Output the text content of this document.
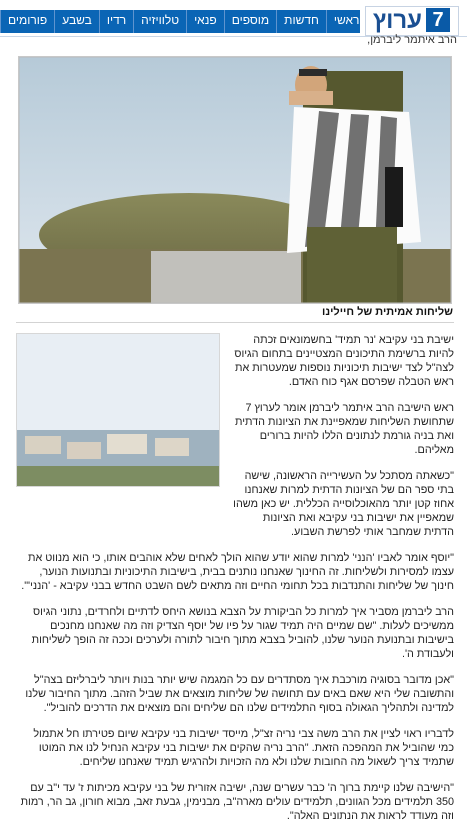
7
ערוץ
ראשי
חדשות
מוספים
פנאי
טלוויזיה
רדיו
בשבע
פורומים
הרב איתמר ליברמן,
שליחות אמיתית של חיילינו

ישיבת בני עקיבא 'נר תמיד' בחשמונאים זכתה להיות ברשימת התיכונים המצטיינים בתחום הגיוס לצה"ל לצד ישיבות תיכוניות נוספות שמעטרות את ראש הטבלה שפרסם אגף כוח האדם.

ראש הישיבה הרב איתמר ליברמן אומר לערוץ 7 שתחושת השליחות שמאפיינת את הציונות הדתית ואת בניה גורמת לנתונים הללו להיות ברורים מאליהם.

"כשאתה מסתכל על העשירייה הראשונה, שישה בתי ספר הם של הציונות הדתית למרות שאנחנו אחוז קטן יותר מהאוכלוסייה הכללית. יש כאן משהו שמאפיין את ישיבות בני עקיבא ואת הציונות הדתית שמחבר אותי לפרשת השבוע.

"יוסף אומר לאביו 'הנני' למרות שהוא יודע שהוא הולך לאחים שלא אוהבים אותו, כי הוא מנווט את עצמו למסירות ולשליחות. זה החינוך שאנחנו נותנים בבית, בישיבות התיכוניות ובתנועות הנוער, חינוך של שליחות והתנדבות בכל תחומי החיים וזה מתאים לשם השבט החדש בבני עקיבא - 'הנני'".

הרב ליברמן מסביר איך למרות כל הביקורת על הצבא בנושא היחס לדתיים ולחרדים, נתוני הגיוס ממשיכים לעלות. "שם שמיים היה תמיד שגור על פיו של יוסף הצדיק וזה מה שאנחנו מחנכים בישיבות ובתנועת הנוער שלנו, להוביל בצבא מתוך חיבור לתורה ולערכים וככה זה הופך לשליחות ולעבודת ה'.

"אכן מדובר בסוגיה מורכבת איך מסתדרים עם כל המגמה שיש יותר בנות ויותר ליברליזם בצה"ל והתשובה שלי היא שאם באים עם תחושה של שליחות מוצאים את שביל הזהב. מתוך החיבור שלנו למדינה ולתהליך הגאולה בסוף התלמידים שלנו הם שליחים והם מוצאים את הדרכים להוביל".

לדבריו ראוי לציין את הרב משה צבי נריה זצ"ל, מייסד ישיבות בני עקיבא שיום פטירתו חל אתמול כמי שהוביל את המהפכה הזאת. "הרב נריה שהקים את ישיבות בני עקיבא הנחיל לנו את המוטו שתמיד צריך לשאול מה החובות שלנו ולא מה הזכויות ולהרגיש תמיד שאנחנו שליחים.

"הישיבה שלנו קיימת ברוך ה' כבר עשרים שנה, ישיבה אזורית של בני עקיבא מכיתות ז' עד י"ב עם 350 תלמידים מכל הגוונים, תלמידים עולים מארה"ב, מבנימין, גבעת זאב, מבוא חורון, גב הר, רמות וזה מעודד לראות את הנתונים האלה".
